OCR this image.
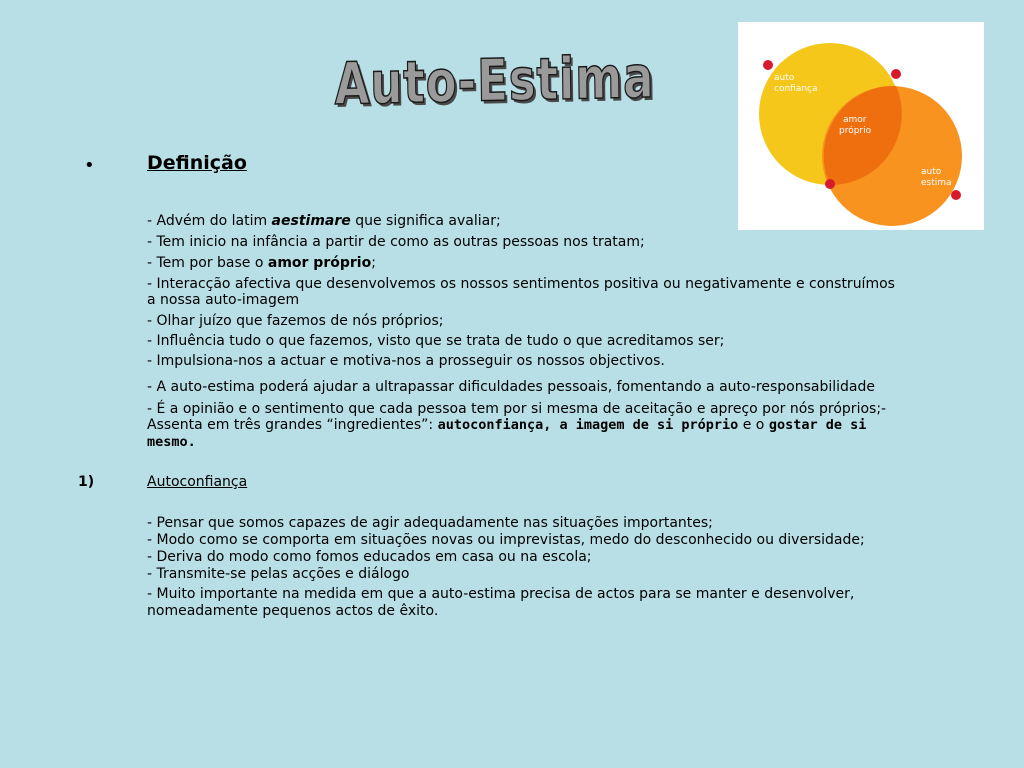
Auto-Estima	auto
confiança
amor
próprio
auto
estima
•	Definição
- Advém do latim aestimare que significa avaliar;
- Tem inicio na infância a partir de como as outras pessoas nos tratam;
- Tem por base o amor próprio;
- Interacção afectiva que desenvolvemos os nossos sentimentos positiva ou negativamente e construímos
a nossa auto-imagem
- Olhar juízo que fazemos de nós próprios;
- Influência tudo o que fazemos, visto que se trata de tudo o que acreditamos ser;
- Impulsiona-nos a actuar e motiva-nos a prosseguir os nossos objectivos.
- A auto-estima poderá ajudar a ultrapassar dificuldades pessoais, fomentando a auto-responsabilidade
- É a opinião e o sentimento que cada pessoa tem por si mesma de aceitação e apreço por nós próprios;-
Assenta em três grandes “ingredientes”: autoconfiança, a imagem de si próprio e o gostar de si
mesmo.
1)	Autoconfiança
- Pensar que somos capazes de agir adequadamente nas situações importantes;
- Modo como se comporta em situações novas ou imprevistas, medo do desconhecido ou diversidade;
- Deriva do modo como fomos educados em casa ou na escola;
- Transmite-se pelas acções e diálogo
- Muito importante na medida em que a auto-estima precisa de actos para se manter e desenvolver,
nomeadamente pequenos actos de êxito.
